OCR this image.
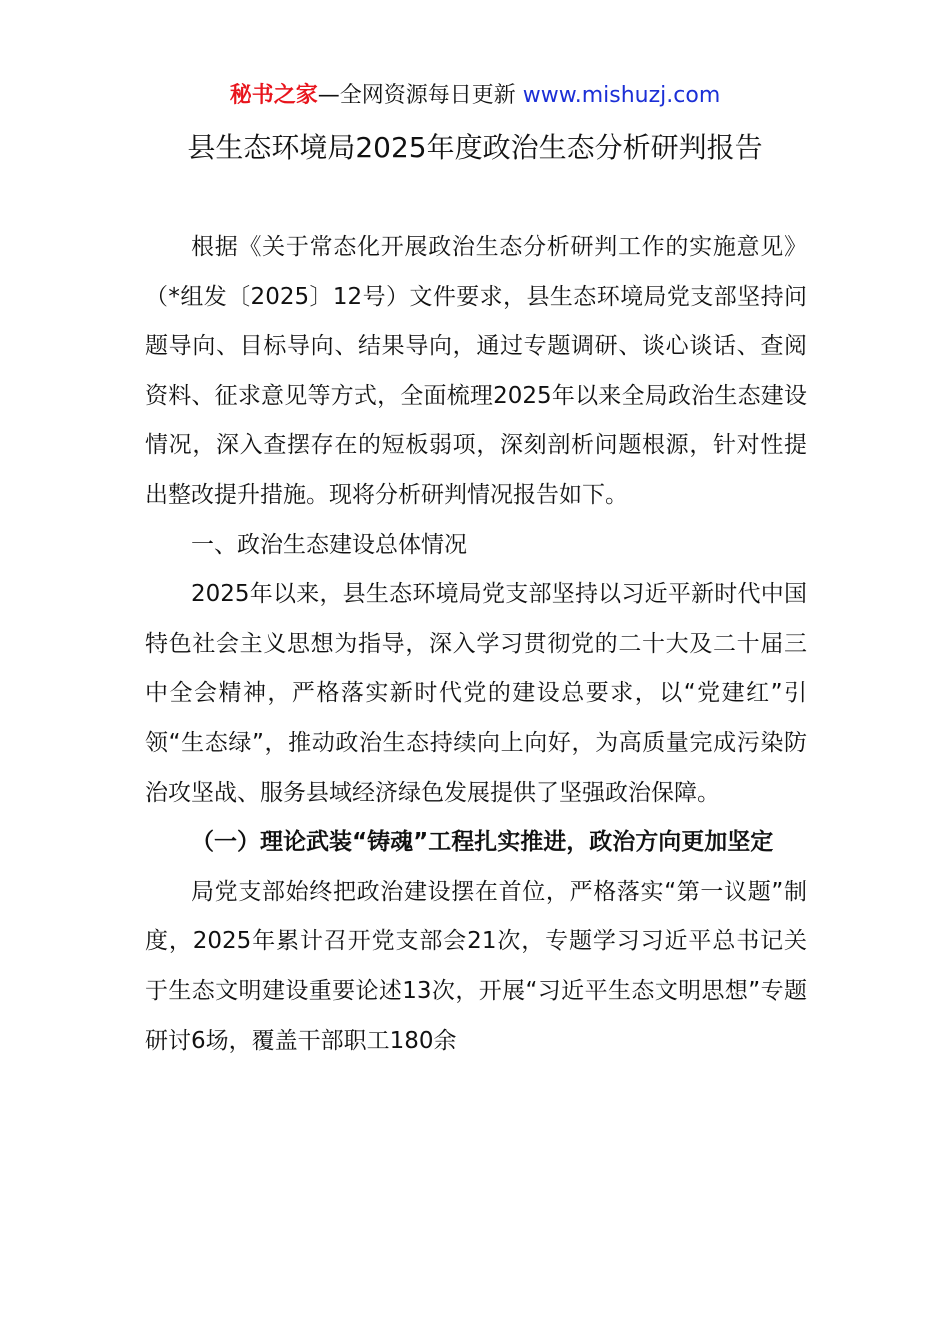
秘书之家—全网资源每日更新 www.mishuzj.com
县生态环境局2025年度政治生态分析研判报告

根据《关于常态化开展政治生态分析研判工作的实施意见》（*组发〔2025〕12号）文件要求，县生态环境局党支部坚持问题导向、目标导向、结果导向，通过专题调研、谈心谈话、查阅资料、征求意见等方式，全面梳理2025年以来全局政治生态建设情况，深入查摆存在的短板弱项，深刻剖析问题根源，针对性提出整改提升措施。现将分析研判情况报告如下。

一、政治生态建设总体情况

2025年以来，县生态环境局党支部坚持以习近平新时代中国特色社会主义思想为指导，深入学习贯彻党的二十大及二十届三中全会精神，严格落实新时代党的建设总要求，以“党建红”引领“生态绿”，推动政治生态持续向上向好，为高质量完成污染防治攻坚战、服务县域经济绿色发展提供了坚强政治保障。

（一）理论武装“铸魂”工程扎实推进，政治方向更加坚定

局党支部始终把政治建设摆在首位，严格落实“第一议题”制度，2025年累计召开党支部会21次，专题学习习近平总书记关于生态文明建设重要论述13次，开展“习近平生态文明思想”专题研讨6场，覆盖干部职工180余
